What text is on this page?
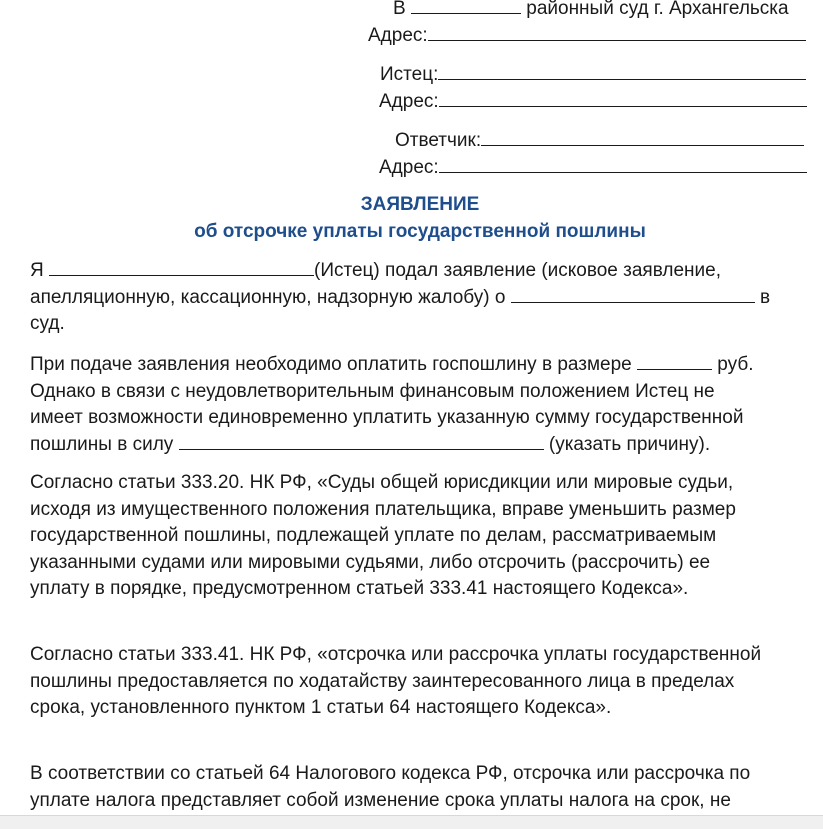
В	районный суд г. Архангельска
Адрес:
Истец:
Адрес:
Ответчик:
Адрес:
ЗАЯВЛЕНИЕ
об отсрочке уплаты государственной пошлины
Я	(Истец) подал заявление (исковое заявление,
апелляционную, кассационную, надзорную жалобу) о	в
суд.
При подаче заявления необходимо оплатить госпошлину в размере	руб.
Однако в связи с неудовлетворительным финансовым положением Истец не
имеет возможности единовременно уплатить указанную сумму государственной
пошлины в силу	(указать причину).
Согласно статьи 333.20. НК РФ, «Суды общей юрисдикции или мировые судьи,
исходя из имущественного положения плательщика, вправе уменьшить размер
государственной пошлины, подлежащей уплате по делам, рассматриваемым
указанными судами или мировыми судьями, либо отсрочить (рассрочить) ее
уплату в порядке, предусмотренном статьей 333.41 настоящего Кодекса».
Согласно статьи 333.41. НК РФ, «отсрочка или рассрочка уплаты государственной
пошлины предоставляется по ходатайству заинтересованного лица в пределах
срока, установленного пунктом 1 статьи 64 настоящего Кодекса».
В соответствии со статьей 64 Налогового кодекса РФ, отсрочка или рассрочка по
уплате налога представляет собой изменение срока уплаты налога на срок, не
